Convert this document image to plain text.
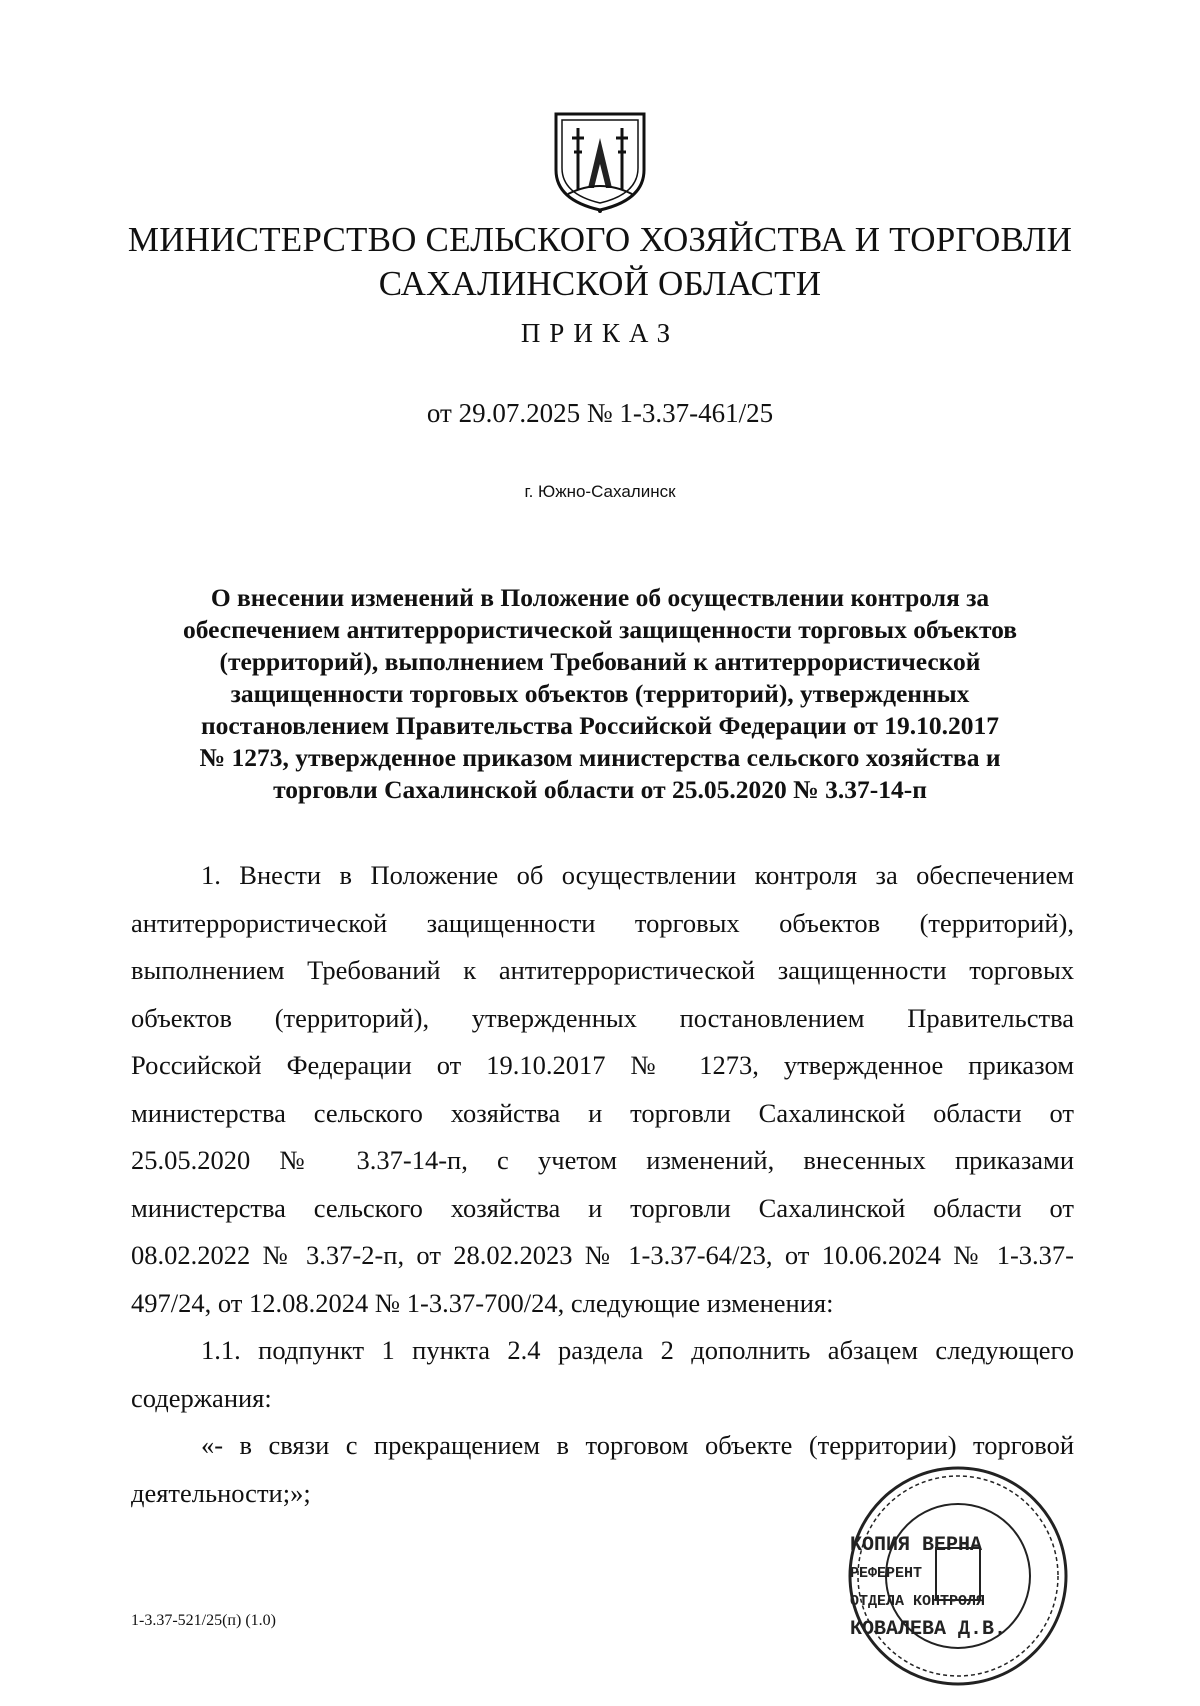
МИНИСТЕРСТВО СЕЛЬСКОГО ХОЗЯЙСТВА И ТОРГОВЛИ
САХАЛИНСКОЙ ОБЛАСТИ
ПРИКАЗ
от 29.07.2025 № 1-3.37-461/25
г. Южно-Сахалинск
О внесении изменений в Положение об осуществлении контроля за
обеспечением антитеррористической защищенности торговых объектов
(территорий), выполнением Требований к антитеррористической
защищенности торговых объектов (территорий), утвержденных
постановлением Правительства Российской Федерации от 19.10.2017
№ 1273, утвержденное приказом министерства сельского хозяйства и
торговли Сахалинской области от 25.05.2020 № 3.37-14-п
1. Внести в Положение об осуществлении контроля за обеспечением
антитеррористической защищенности торговых объектов (территорий),
выполнением Требований к антитеррористической защищенности торговых
объектов (территорий), утвержденных постановлением Правительства
Российской Федерации от 19.10.2017 № 1273, утвержденное приказом
министерства сельского хозяйства и торговли Сахалинской области от
25.05.2020 № 3.37-14-п, с учетом изменений, внесенных приказами
министерства сельского хозяйства и торговли Сахалинской области от
08.02.2022 № 3.37-2-п, от 28.02.2023 № 1-3.37-64/23, от 10.06.2024 № 1-3.37-
497/24, от 12.08.2024 № 1-3.37-700/24, следующие изменения:
1.1. подпункт 1 пункта 2.4 раздела 2 дополнить абзацем следующего
содержания:
«- в связи с прекращением в торговом объекте (территории) торговой
деятельности;»;
1-3.37-521/25(п) (1.0)
КОПИЯ ВЕРНА
РЕФЕРЕНТ
ОТДЕЛА КОНТРОЛЯ
КОВАЛЕВА Д.В.
